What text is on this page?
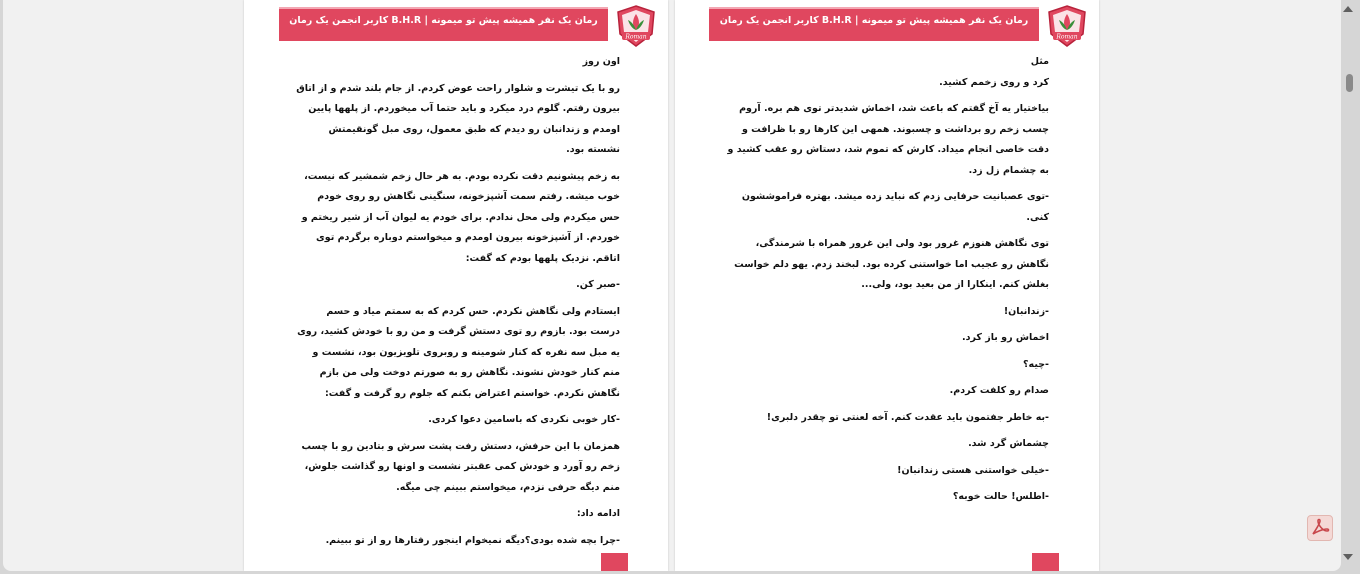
رمان یک نفر همیشه پیش تو میمونه | B.H.R کاربر انجمن یک رمان
Roman

اون روز

رو با یک تیشرت و شلوار راحت عوض کردم. از جام بلند شدم و از اتاق بیرون رفتم. گلوم درد میکرد و باید حتما آب میخوردم. از پلهها پایین اومدم و زندانبان رو دیدم که طبق معمول، روی مبل گونقیمتش نشسته بود.

به زخم پیشونیم دقت نکرده بودم. به هر حال زخم شمشیر که نیست، خوب میشه. رفتم سمت آشپزخونه، سنگینی نگاهش رو روی خودم حس میکردم ولی محل ندادم. برای خودم یه لیوان آب از شیر ریختم و خوردم. از آشپزخونه بیرون اومدم و میخواستم دوباره برگردم توی اتاقم. نزدیک پلهها بودم که گفت:

-صبر کن.

ایستادم ولی نگاهش نکردم. حس کردم که به سمتم میاد و حسم درست بود. بازوم رو توی دستش گرفت و من رو با خودش کشید، روی یه مبل سه نفره که کنار شومینه و روبروی تلویزیون بود، نشست و منم کنار خودش نشوند. نگاهش رو به صورتم دوخت ولی من بازم نگاهش نکردم. خواستم اعتراض بکنم که جلوم رو گرفت و گفت:

-کار خوبی نکردی که باسامین دعوا کردی.

همزمان با این حرفش، دستش رفت پشت سرش و بتادین رو با چسب زخم رو آورد و خودش کمی عقبتر نشست و اونها رو گذاشت جلوش، منم دیگه حرفی نزدم، میخواستم ببینم چی میگه.

ادامه داد:

-چرا بچه شده بودی؟دیگه نمیخوام اینجور رفتارها رو از تو ببینم.

رمان یک نفر همیشه پیش تو میمونه | B.H.R کاربر انجمن یک رمان
Roman

مثل

کرد و روی زخمم کشید.

بیاختیار یه آخ گفتم که باعث شد، اخماش شدیدتر توی هم بره. آروم چسب زخم رو برداشت و چسبوند. همهی این کارها رو با ظرافت و دقت خاصی انجام میداد. کارش که تموم شد، دستاش رو عقب کشید و به چشمام زل زد.

-توی عصبانیت حرفایی زدم که نباید زده میشد. بهتره فراموششون کنی.

توی نگاهش هنوزم غرور بود ولی این غرور همراه با شرمندگی، نگاهش رو عجیب اما خواستنی کرده بود. لبخند زدم. یهو دلم خواست بغلش کنم. اینکارا از من بعید بود، ولی...

-زندانبان!

اخماش رو باز کرد.

-چیه؟

صدام رو کلفت کردم.

-به خاطر جفتمون باید عقدت کنم. آخه لعنتی تو چقدر دلبری!

چشماش گرد شد.

-خیلی خواستنی هستی زندانبان!

-اطلس! حالت خوبه؟
